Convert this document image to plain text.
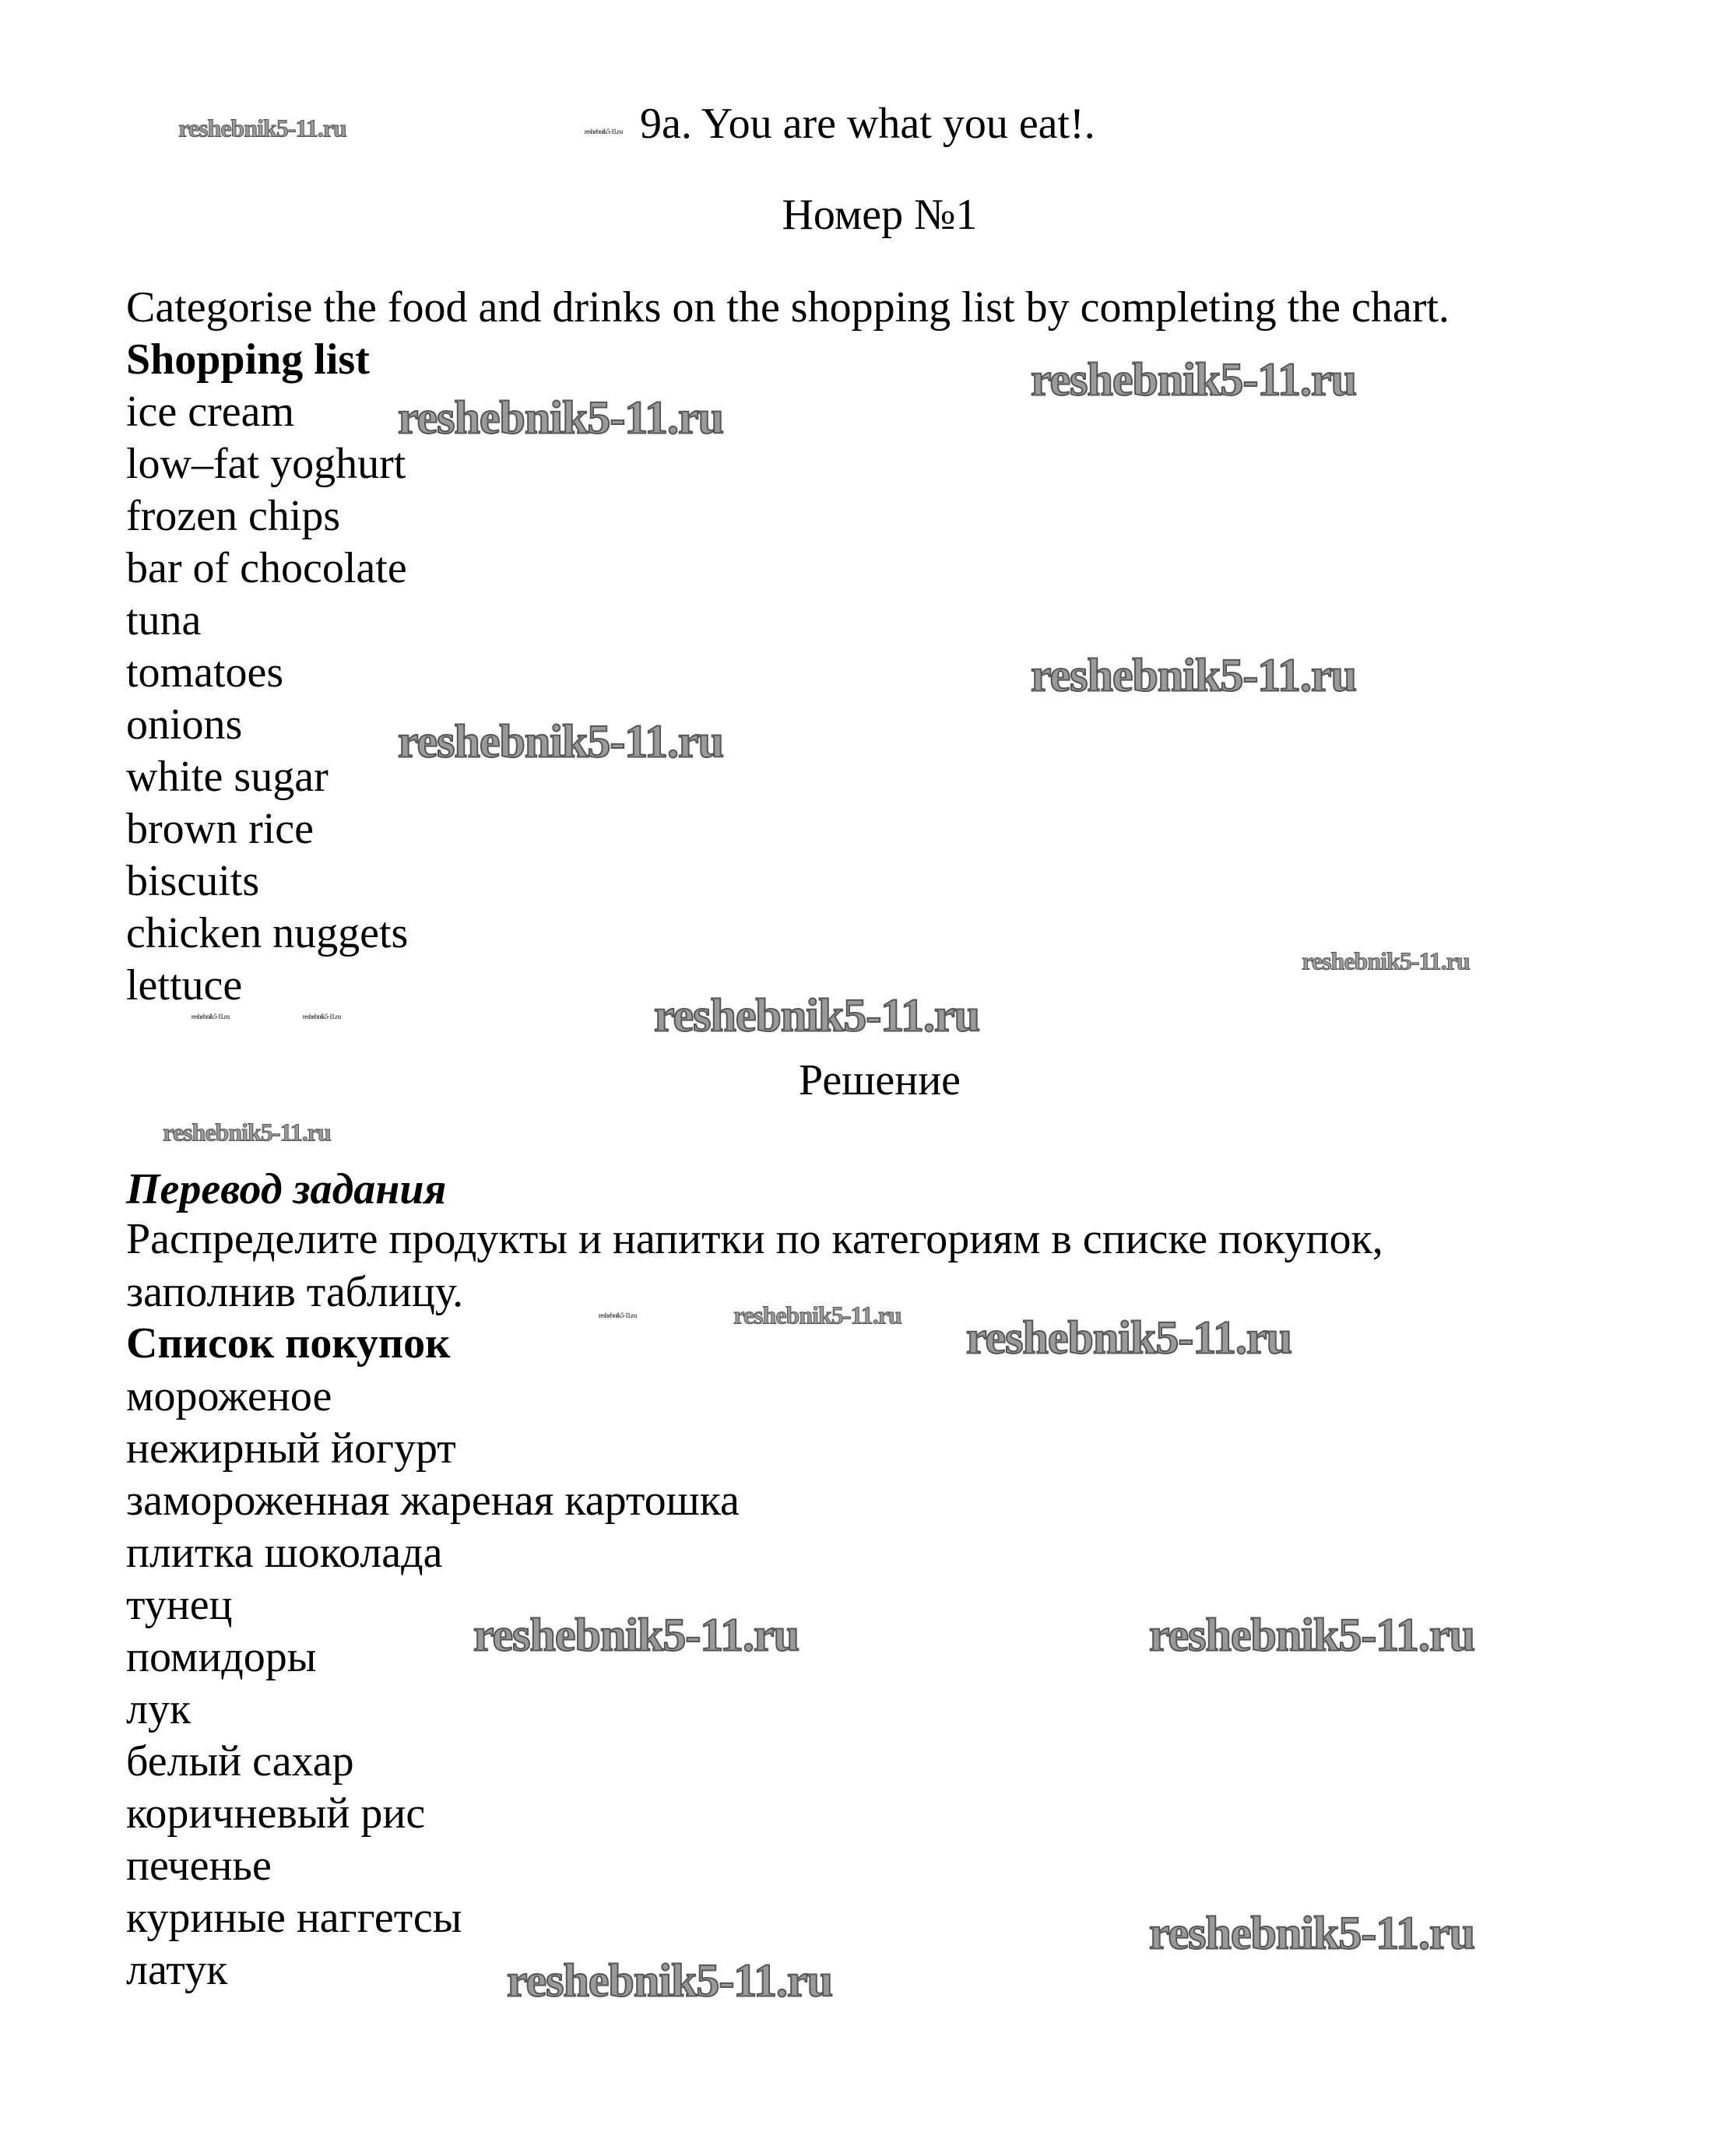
reshebnik5-11.ru	reshebnik5-11.ru
reshebnik5-11.ru
reshebnik5-11.ru
reshebnik5-11.ru
reshebnik5-11.ru
reshebnik5-11.ru
reshebnik5-11.ru	reshebnik5-11.ru	reshebnik5-11.ru
reshebnik5-11.ru
reshebnik5-11.ru
reshebnik5-11.ru	reshebnik5-11.ru
reshebnik5-11.ru	reshebnik5-11.ru
reshebnik5-11.ru
reshebnik5-11.ru
9a. You are what you eat!.
Номер №1
Categorise the food and drinks on the shopping list by completing the chart.
Shopping list
ice cream
low–fat yoghurt
frozen chips
bar of chocolate
tuna
tomatoes
onions
white sugar
brown rice
biscuits
chicken nuggets
lettuce
Решение
Перевод задания
Распределите продукты и напитки по категориям в списке покупок,
заполнив таблицу.
Список покупок
мороженое
нежирный йогурт
замороженная жареная картошка
плитка шоколада
тунец
помидоры
лук
белый сахар
коричневый рис
печенье
куриные наггетсы
латук
